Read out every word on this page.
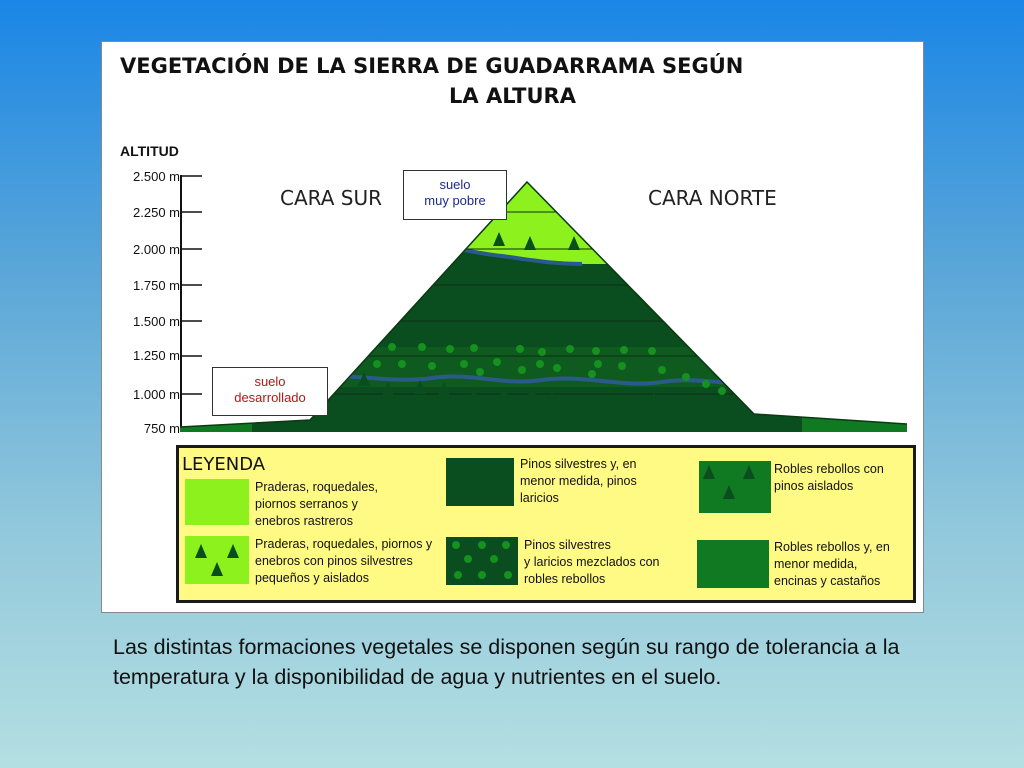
VEGETACIÓN DE LA SIERRA DE GUADARRAMA SEGÚN
LA ALTURA
ALTITUD
2.500 m
2.250 m
2.000 m
1.750 m
1.500 m
1.250 m
1.000 m
750 m
CARA SUR	CARA NORTE
suelo
muy pobre
suelo
desarrollado
LEYENDA
Praderas, roquedales,
piornos serranos y
enebros rastreros
Praderas, roquedales, piornos y
enebros con pinos silvestres
pequeños y aislados
Pinos silvestres y, en
menor medida, pinos
laricios
Pinos silvestres
y laricios mezclados con
robles rebollos
Robles rebollos con
pinos aislados
Robles rebollos y, en
menor medida,
encinas y castaños
Las distintas formaciones vegetales se disponen según su rango de tolerancia a la temperatura y la disponibilidad de agua y nutrientes en el suelo.
